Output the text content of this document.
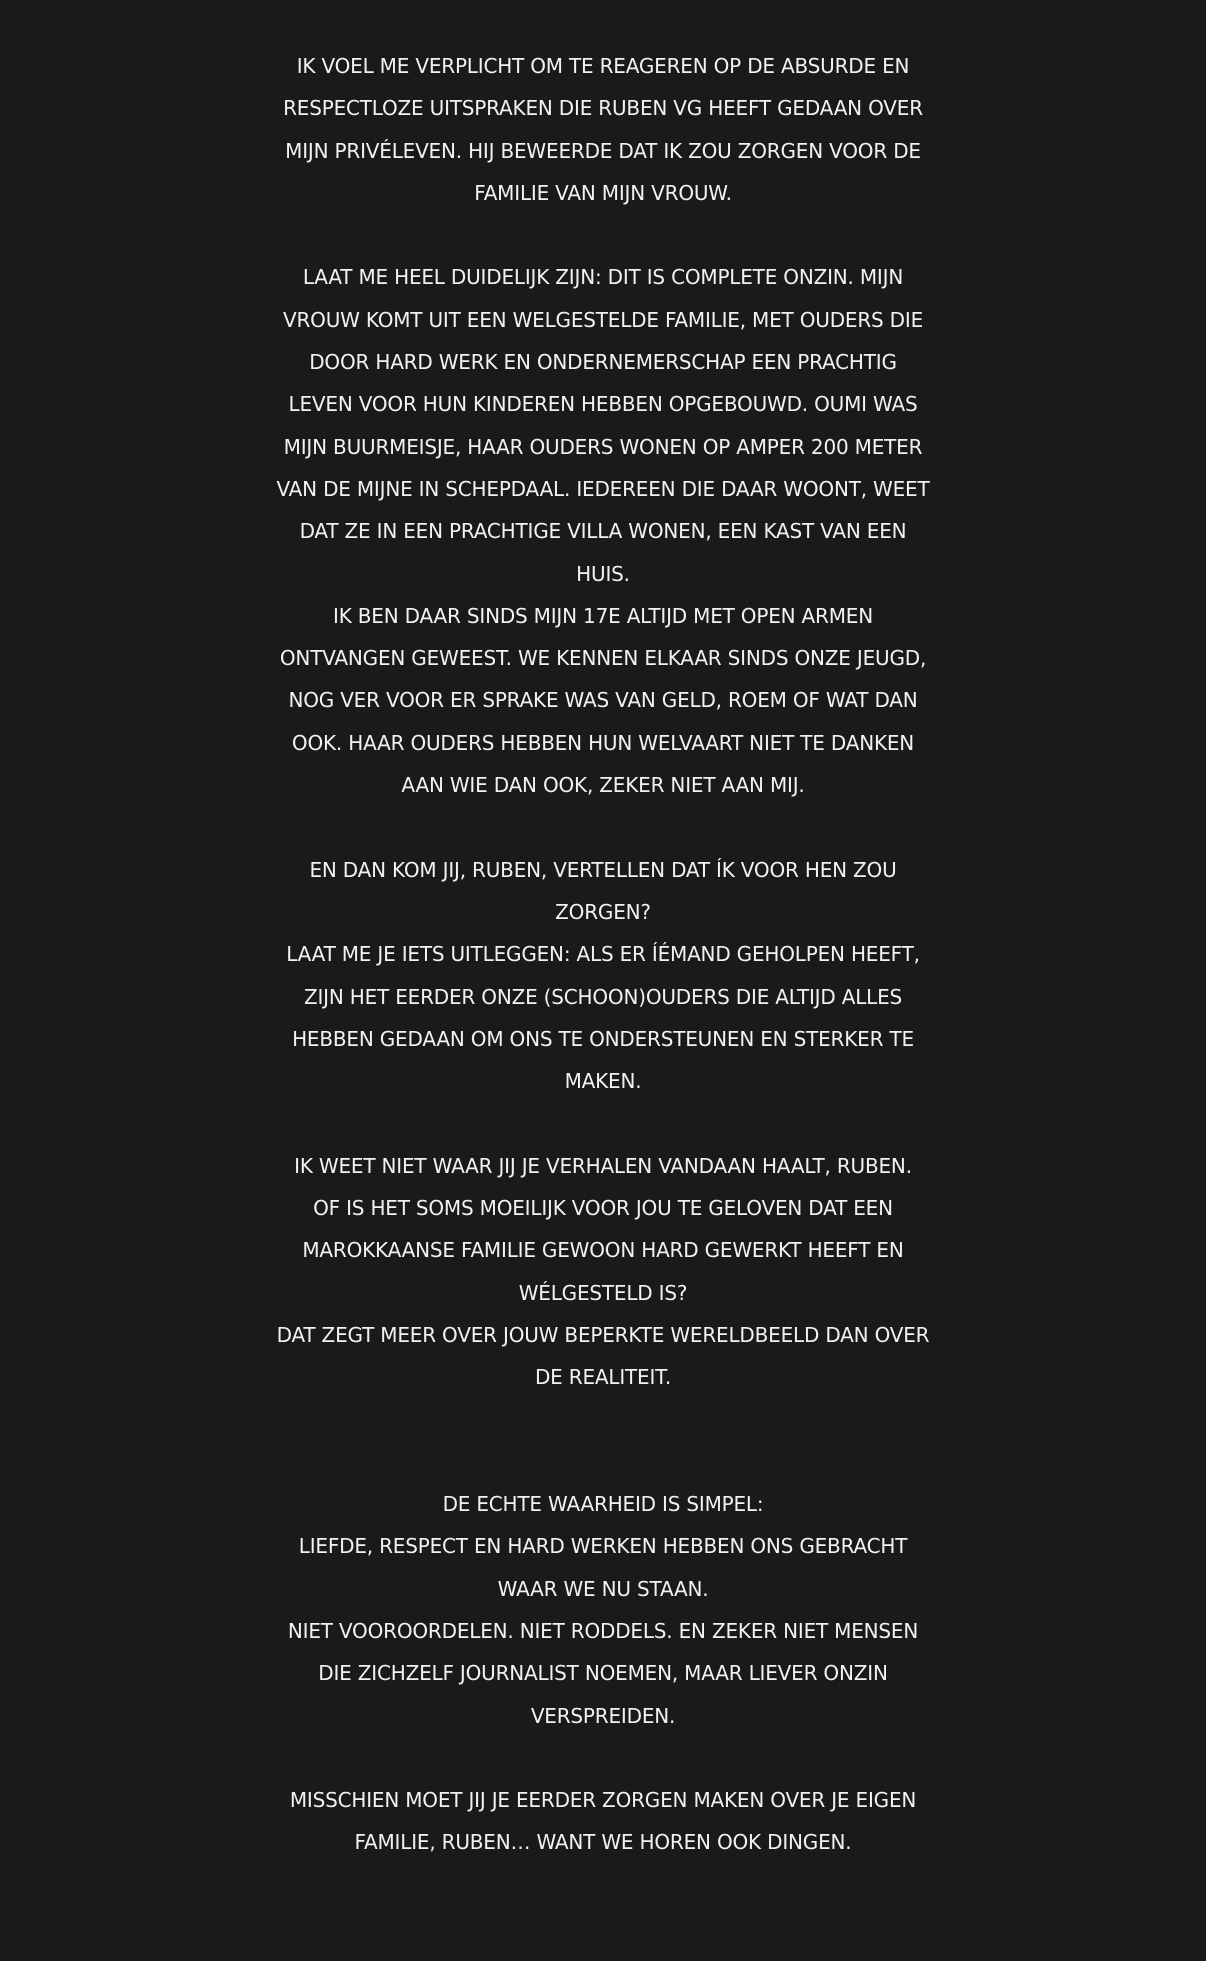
IK VOEL ME VERPLICHT OM TE REAGEREN OP DE ABSURDE EN
RESPECTLOZE UITSPRAKEN DIE RUBEN VG HEEFT GEDAAN OVER
MIJN PRIVÉLEVEN. HIJ BEWEERDE DAT IK ZOU ZORGEN VOOR DE
FAMILIE VAN MIJN VROUW.
LAAT ME HEEL DUIDELIJK ZIJN: DIT IS COMPLETE ONZIN. MIJN
VROUW KOMT UIT EEN WELGESTELDE FAMILIE, MET OUDERS DIE
DOOR HARD WERK EN ONDERNEMERSCHAP EEN PRACHTIG
LEVEN VOOR HUN KINDEREN HEBBEN OPGEBOUWD. OUMI WAS
MIJN BUURMEISJE, HAAR OUDERS WONEN OP AMPER 200 METER
VAN DE MIJNE IN SCHEPDAAL. IEDEREEN DIE DAAR WOONT, WEET
DAT ZE IN EEN PRACHTIGE VILLA WONEN, EEN KAST VAN EEN
HUIS.
IK BEN DAAR SINDS MIJN 17E ALTIJD MET OPEN ARMEN
ONTVANGEN GEWEEST. WE KENNEN ELKAAR SINDS ONZE JEUGD,
NOG VER VOOR ER SPRAKE WAS VAN GELD, ROEM OF WAT DAN
OOK. HAAR OUDERS HEBBEN HUN WELVAART NIET TE DANKEN
AAN WIE DAN OOK, ZEKER NIET AAN MIJ.
EN DAN KOM JIJ, RUBEN, VERTELLEN DAT ÍK VOOR HEN ZOU
ZORGEN?
LAAT ME JE IETS UITLEGGEN: ALS ER ÍÉMAND GEHOLPEN HEEFT,
ZIJN HET EERDER ONZE (SCHOON)OUDERS DIE ALTIJD ALLES
HEBBEN GEDAAN OM ONS TE ONDERSTEUNEN EN STERKER TE
MAKEN.
IK WEET NIET WAAR JIJ JE VERHALEN VANDAAN HAALT, RUBEN.
OF IS HET SOMS MOEILIJK VOOR JOU TE GELOVEN DAT EEN
MAROKKAANSE FAMILIE GEWOON HARD GEWERKT HEEFT EN
WÉLGESTELD IS?
DAT ZEGT MEER OVER JOUW BEPERKTE WERELDBEELD DAN OVER
DE REALITEIT.
DE ECHTE WAARHEID IS SIMPEL:
LIEFDE, RESPECT EN HARD WERKEN HEBBEN ONS GEBRACHT
WAAR WE NU STAAN.
NIET VOOROORDELEN. NIET RODDELS. EN ZEKER NIET MENSEN
DIE ZICHZELF JOURNALIST NOEMEN, MAAR LIEVER ONZIN
VERSPREIDEN.
MISSCHIEN MOET JIJ JE EERDER ZORGEN MAKEN OVER JE EIGEN
FAMILIE, RUBEN… WANT WE HOREN OOK DINGEN.
